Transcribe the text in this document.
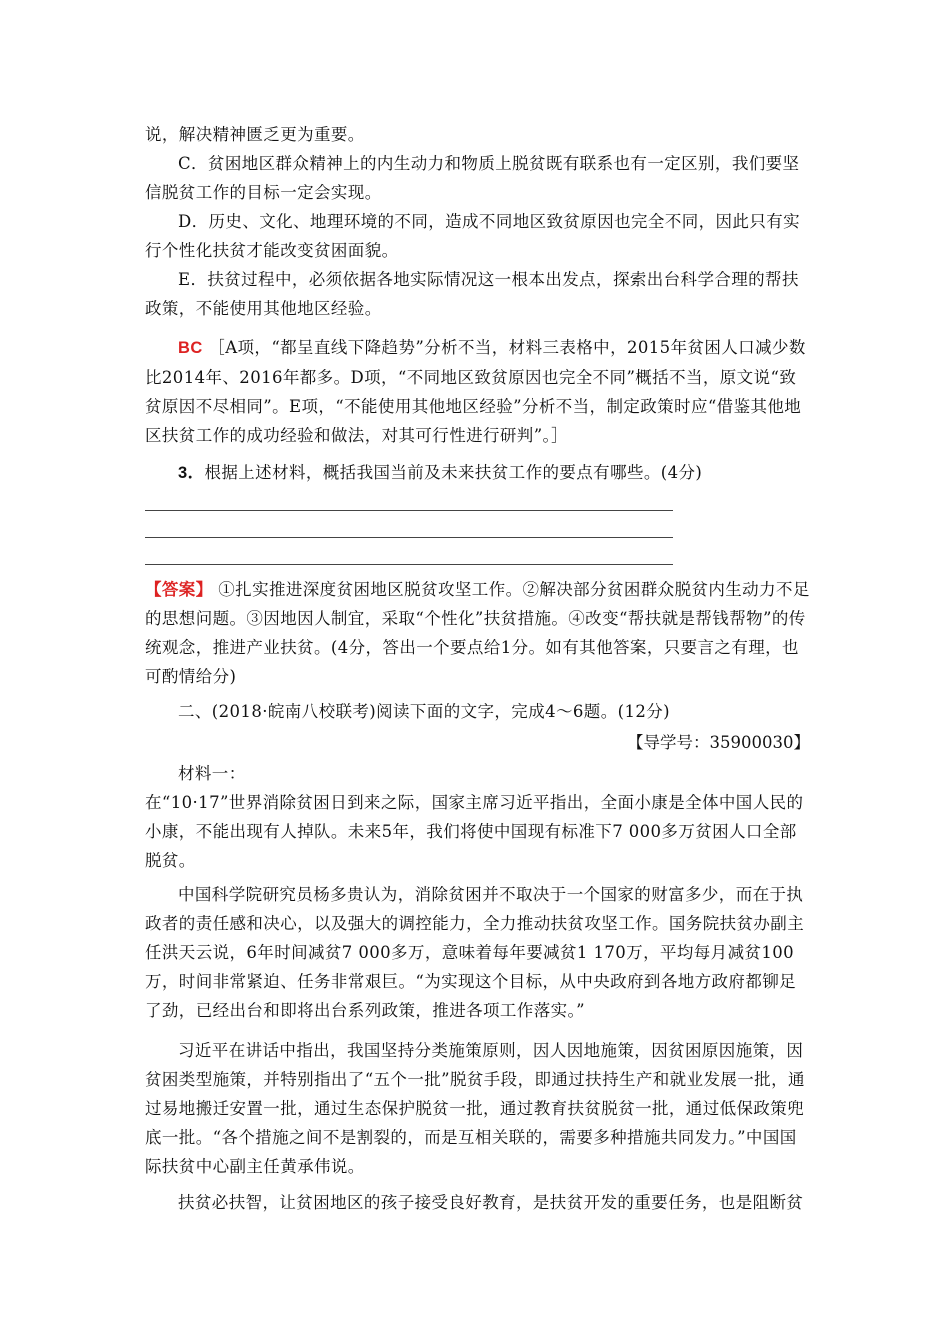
说，解决精神匮乏更为重要。
C．贫困地区群众精神上的内生动力和物质上脱贫既有联系也有一定区别，我们要坚信脱贫工作的目标一定会实现。
D．历史、文化、地理环境的不同，造成不同地区致贫原因也完全不同，因此只有实行个性化扶贫才能改变贫困面貌。
E．扶贫过程中，必须依据各地实际情况这一根本出发点，探索出台科学合理的帮扶政策，不能使用其他地区经验。
BC ［A项，“都呈直线下降趋势”分析不当，材料三表格中，2015年贫困人口减少数比2014年、2016年都多。D项，“不同地区致贫原因也完全不同”概括不当，原文说“致贫原因不尽相同”。E项，“不能使用其他地区经验”分析不当，制定政策时应“借鉴其他地区扶贫工作的成功经验和做法，对其可行性进行研判”。］
3．根据上述材料，概括我国当前及未来扶贫工作的要点有哪些。(4分)
【答案】 ①扎实推进深度贫困地区脱贫攻坚工作。②解决部分贫困群众脱贫内生动力不足的思想问题。③因地因人制宜，采取“个性化”扶贫措施。④改变“帮扶就是帮钱帮物”的传统观念，推进产业扶贫。(4分，答出一个要点给1分。如有其他答案，只要言之有理，也可酌情给分)
二、(2018·皖南八校联考)阅读下面的文字，完成4～6题。(12分)
【导学号：35900030】
材料一：
在“10·17”世界消除贫困日到来之际，国家主席习近平指出，全面小康是全体中国人民的小康，不能出现有人掉队。未来5年，我们将使中国现有标准下7 000多万贫困人口全部脱贫。
中国科学院研究员杨多贵认为，消除贫困并不取决于一个国家的财富多少，而在于执政者的责任感和决心，以及强大的调控能力，全力推动扶贫攻坚工作。国务院扶贫办副主任洪天云说，6年时间减贫7 000多万，意味着每年要减贫1 170万，平均每月减贫100万，时间非常紧迫、任务非常艰巨。“为实现这个目标，从中央政府到各地方政府都铆足了劲，已经出台和即将出台系列政策，推进各项工作落实。”
习近平在讲话中指出，我国坚持分类施策原则，因人因地施策，因贫困原因施策，因贫困类型施策，并特别指出了“五个一批”脱贫手段，即通过扶持生产和就业发展一批，通过易地搬迁安置一批，通过生态保护脱贫一批，通过教育扶贫脱贫一批，通过低保政策兜底一批。“各个措施之间不是割裂的，而是互相关联的，需要多种措施共同发力。”中国国际扶贫中心副主任黄承伟说。
扶贫必扶智，让贫困地区的孩子接受良好教育，是扶贫开发的重要任务，也是阻断贫
